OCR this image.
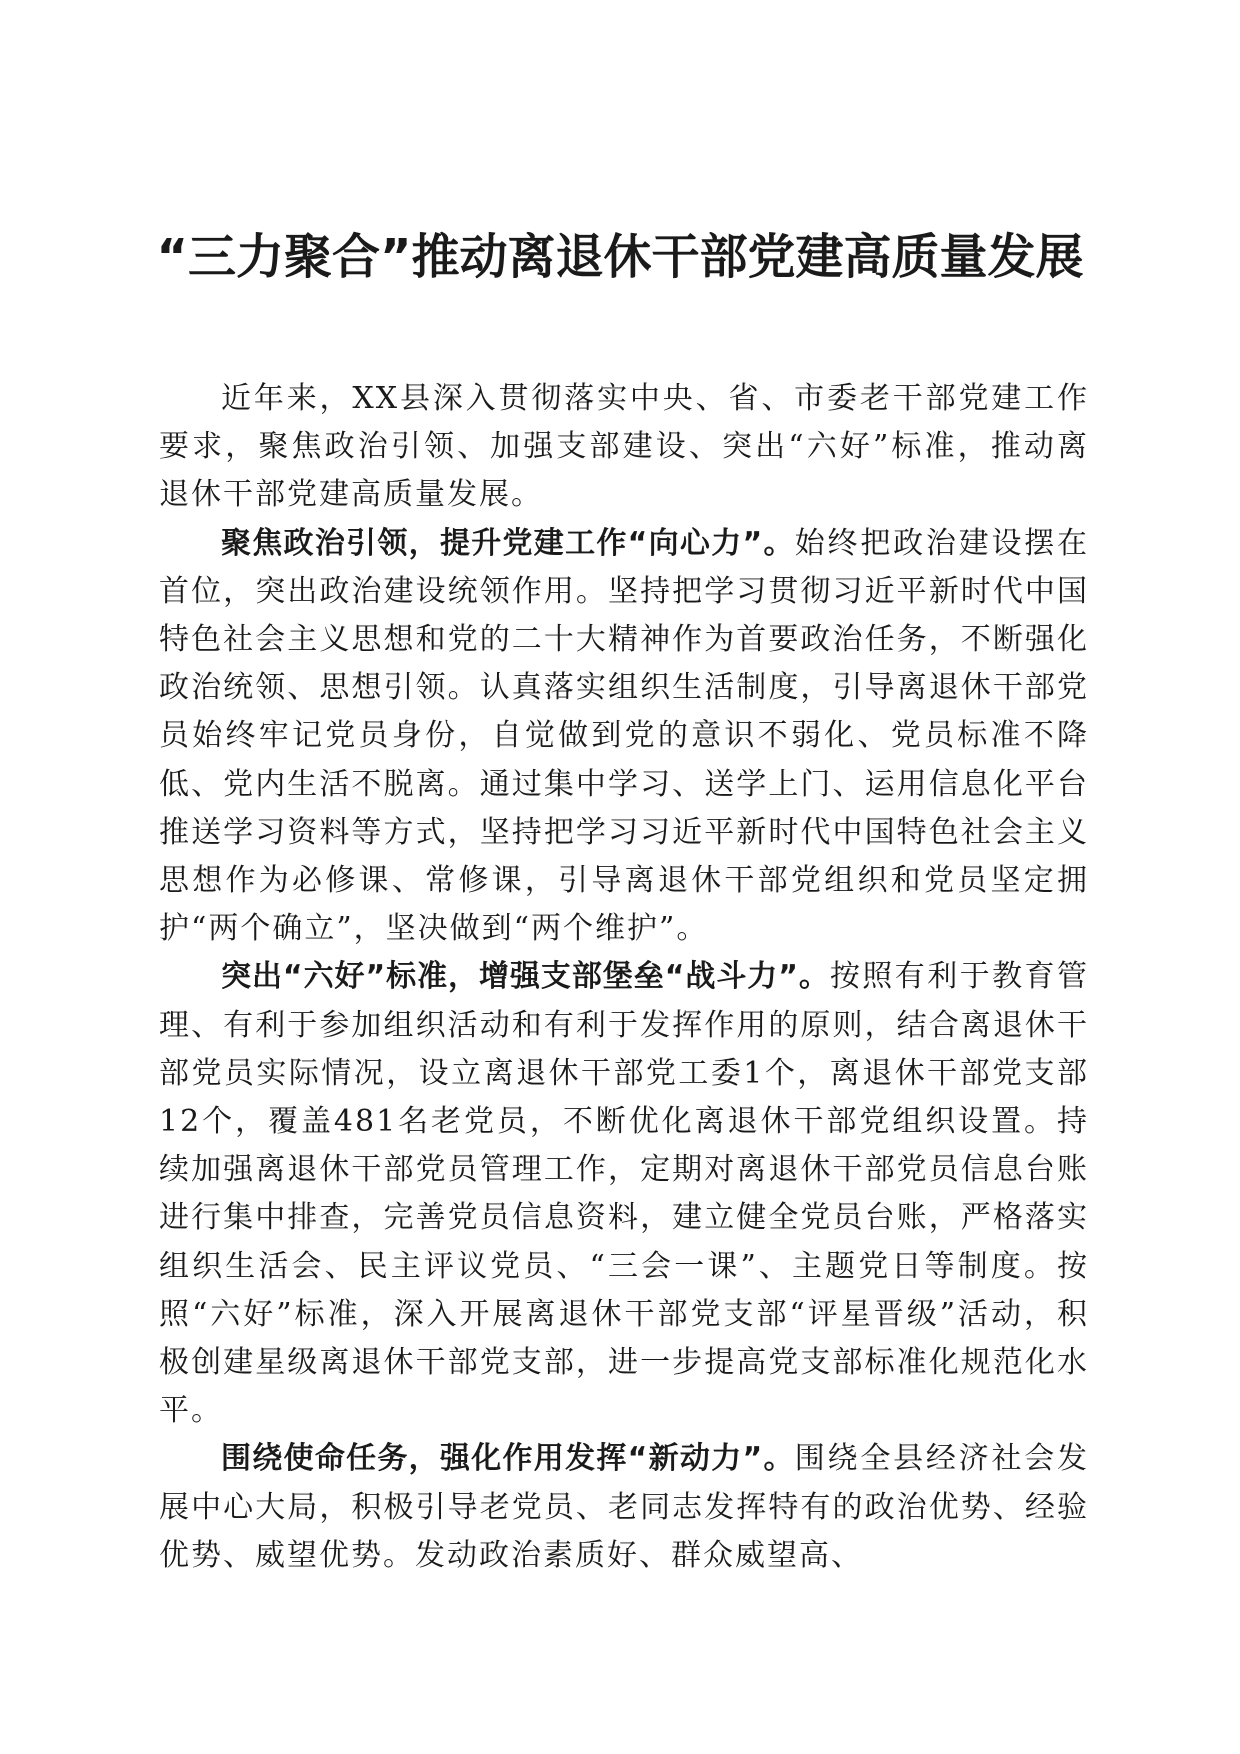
“三力聚合”推动离退休干部党建高质量发展

近年来，XX县深入贯彻落实中央、省、市委老干部党建工作要求，聚焦政治引领、加强支部建设、突出“六好”标准，推动离退休干部党建高质量发展。

聚焦政治引领，提升党建工作“向心力”。始终把政治建设摆在首位，突出政治建设统领作用。坚持把学习贯彻习近平新时代中国特色社会主义思想和党的二十大精神作为首要政治任务，不断强化政治统领、思想引领。认真落实组织生活制度，引导离退休干部党员始终牢记党员身份，自觉做到党的意识不弱化、党员标准不降低、党内生活不脱离。通过集中学习、送学上门、运用信息化平台推送学习资料等方式，坚持把学习习近平新时代中国特色社会主义思想作为必修课、常修课，引导离退休干部党组织和党员坚定拥护“两个确立”，坚决做到“两个维护”。

突出“六好”标准，增强支部堡垒“战斗力”。按照有利于教育管理、有利于参加组织活动和有利于发挥作用的原则，结合离退休干部党员实际情况，设立离退休干部党工委1个，离退休干部党支部12个，覆盖481名老党员，不断优化离退休干部党组织设置。持续加强离退休干部党员管理工作，定期对离退休干部党员信息台账进行集中排查，完善党员信息资料，建立健全党员台账，严格落实组织生活会、民主评议党员、“三会一课”、主题党日等制度。按照“六好”标准，深入开展离退休干部党支部“评星晋级”活动，积极创建星级离退休干部党支部，进一步提高党支部标准化规范化水平。

围绕使命任务，强化作用发挥“新动力”。围绕全县经济社会发展中心大局，积极引导老党员、老同志发挥特有的政治优势、经验优势、威望优势。发动政治素质好、群众威望高、
